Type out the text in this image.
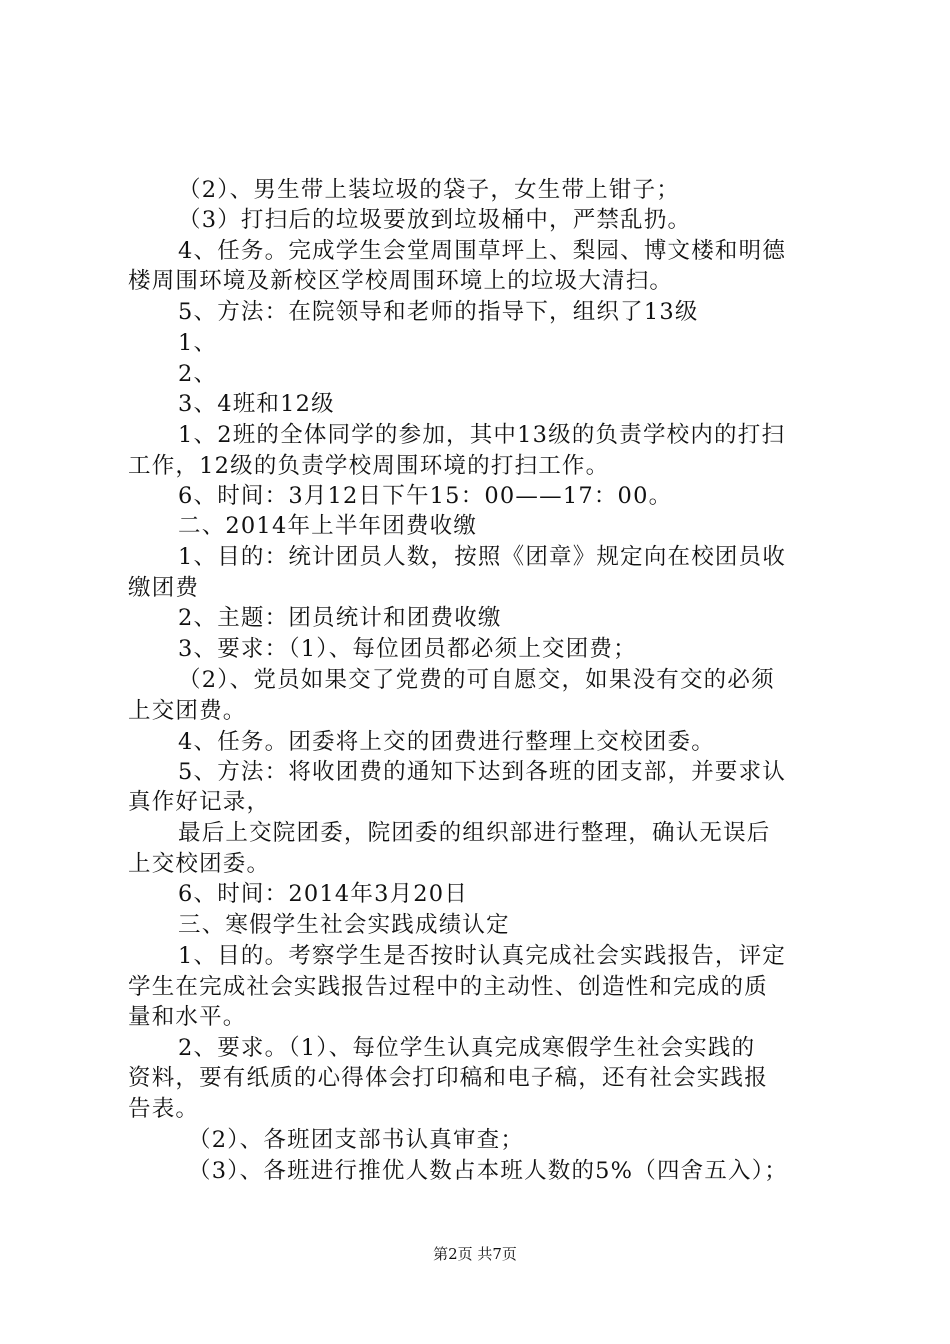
（2）、男生带上装垃圾的袋子，女生带上钳子；
（3）打扫后的垃圾要放到垃圾桶中，严禁乱扔。
4、任务。完成学生会堂周围草坪上、梨园、博文楼和明德
楼周围环境及新校区学校周围环境上的垃圾大清扫。
5、方法：在院领导和老师的指导下，组织了13级
1、
2、
3、4班和12级
1、2班的全体同学的参加，其中13级的负责学校内的打扫
工作，12级的负责学校周围环境的打扫工作。
6、时间：3月12日下午15：00——17：00。
二、2014年上半年团费收缴
1、目的：统计团员人数，按照《团章》规定向在校团员收
缴团费
2、主题：团员统计和团费收缴
3、要求：（1）、每位团员都必须上交团费；
（2）、党员如果交了党费的可自愿交，如果没有交的必须
上交团费。
4、任务。团委将上交的团费进行整理上交校团委。
5、方法：将收团费的通知下达到各班的团支部，并要求认
真作好记录，
最后上交院团委，院团委的组织部进行整理，确认无误后
上交校团委。
6、时间：2014年3月20日
三、寒假学生社会实践成绩认定
1、目的。考察学生是否按时认真完成社会实践报告，评定
学生在完成社会实践报告过程中的主动性、创造性和完成的质
量和水平。
2、要求。（1）、每位学生认真完成寒假学生社会实践的
资料，要有纸质的心得体会打印稿和电子稿，还有社会实践报
告表。
（2）、各班团支部书认真审查；
（3）、各班进行推优人数占本班人数的5%（四舍五入）；
第2页 共7页
